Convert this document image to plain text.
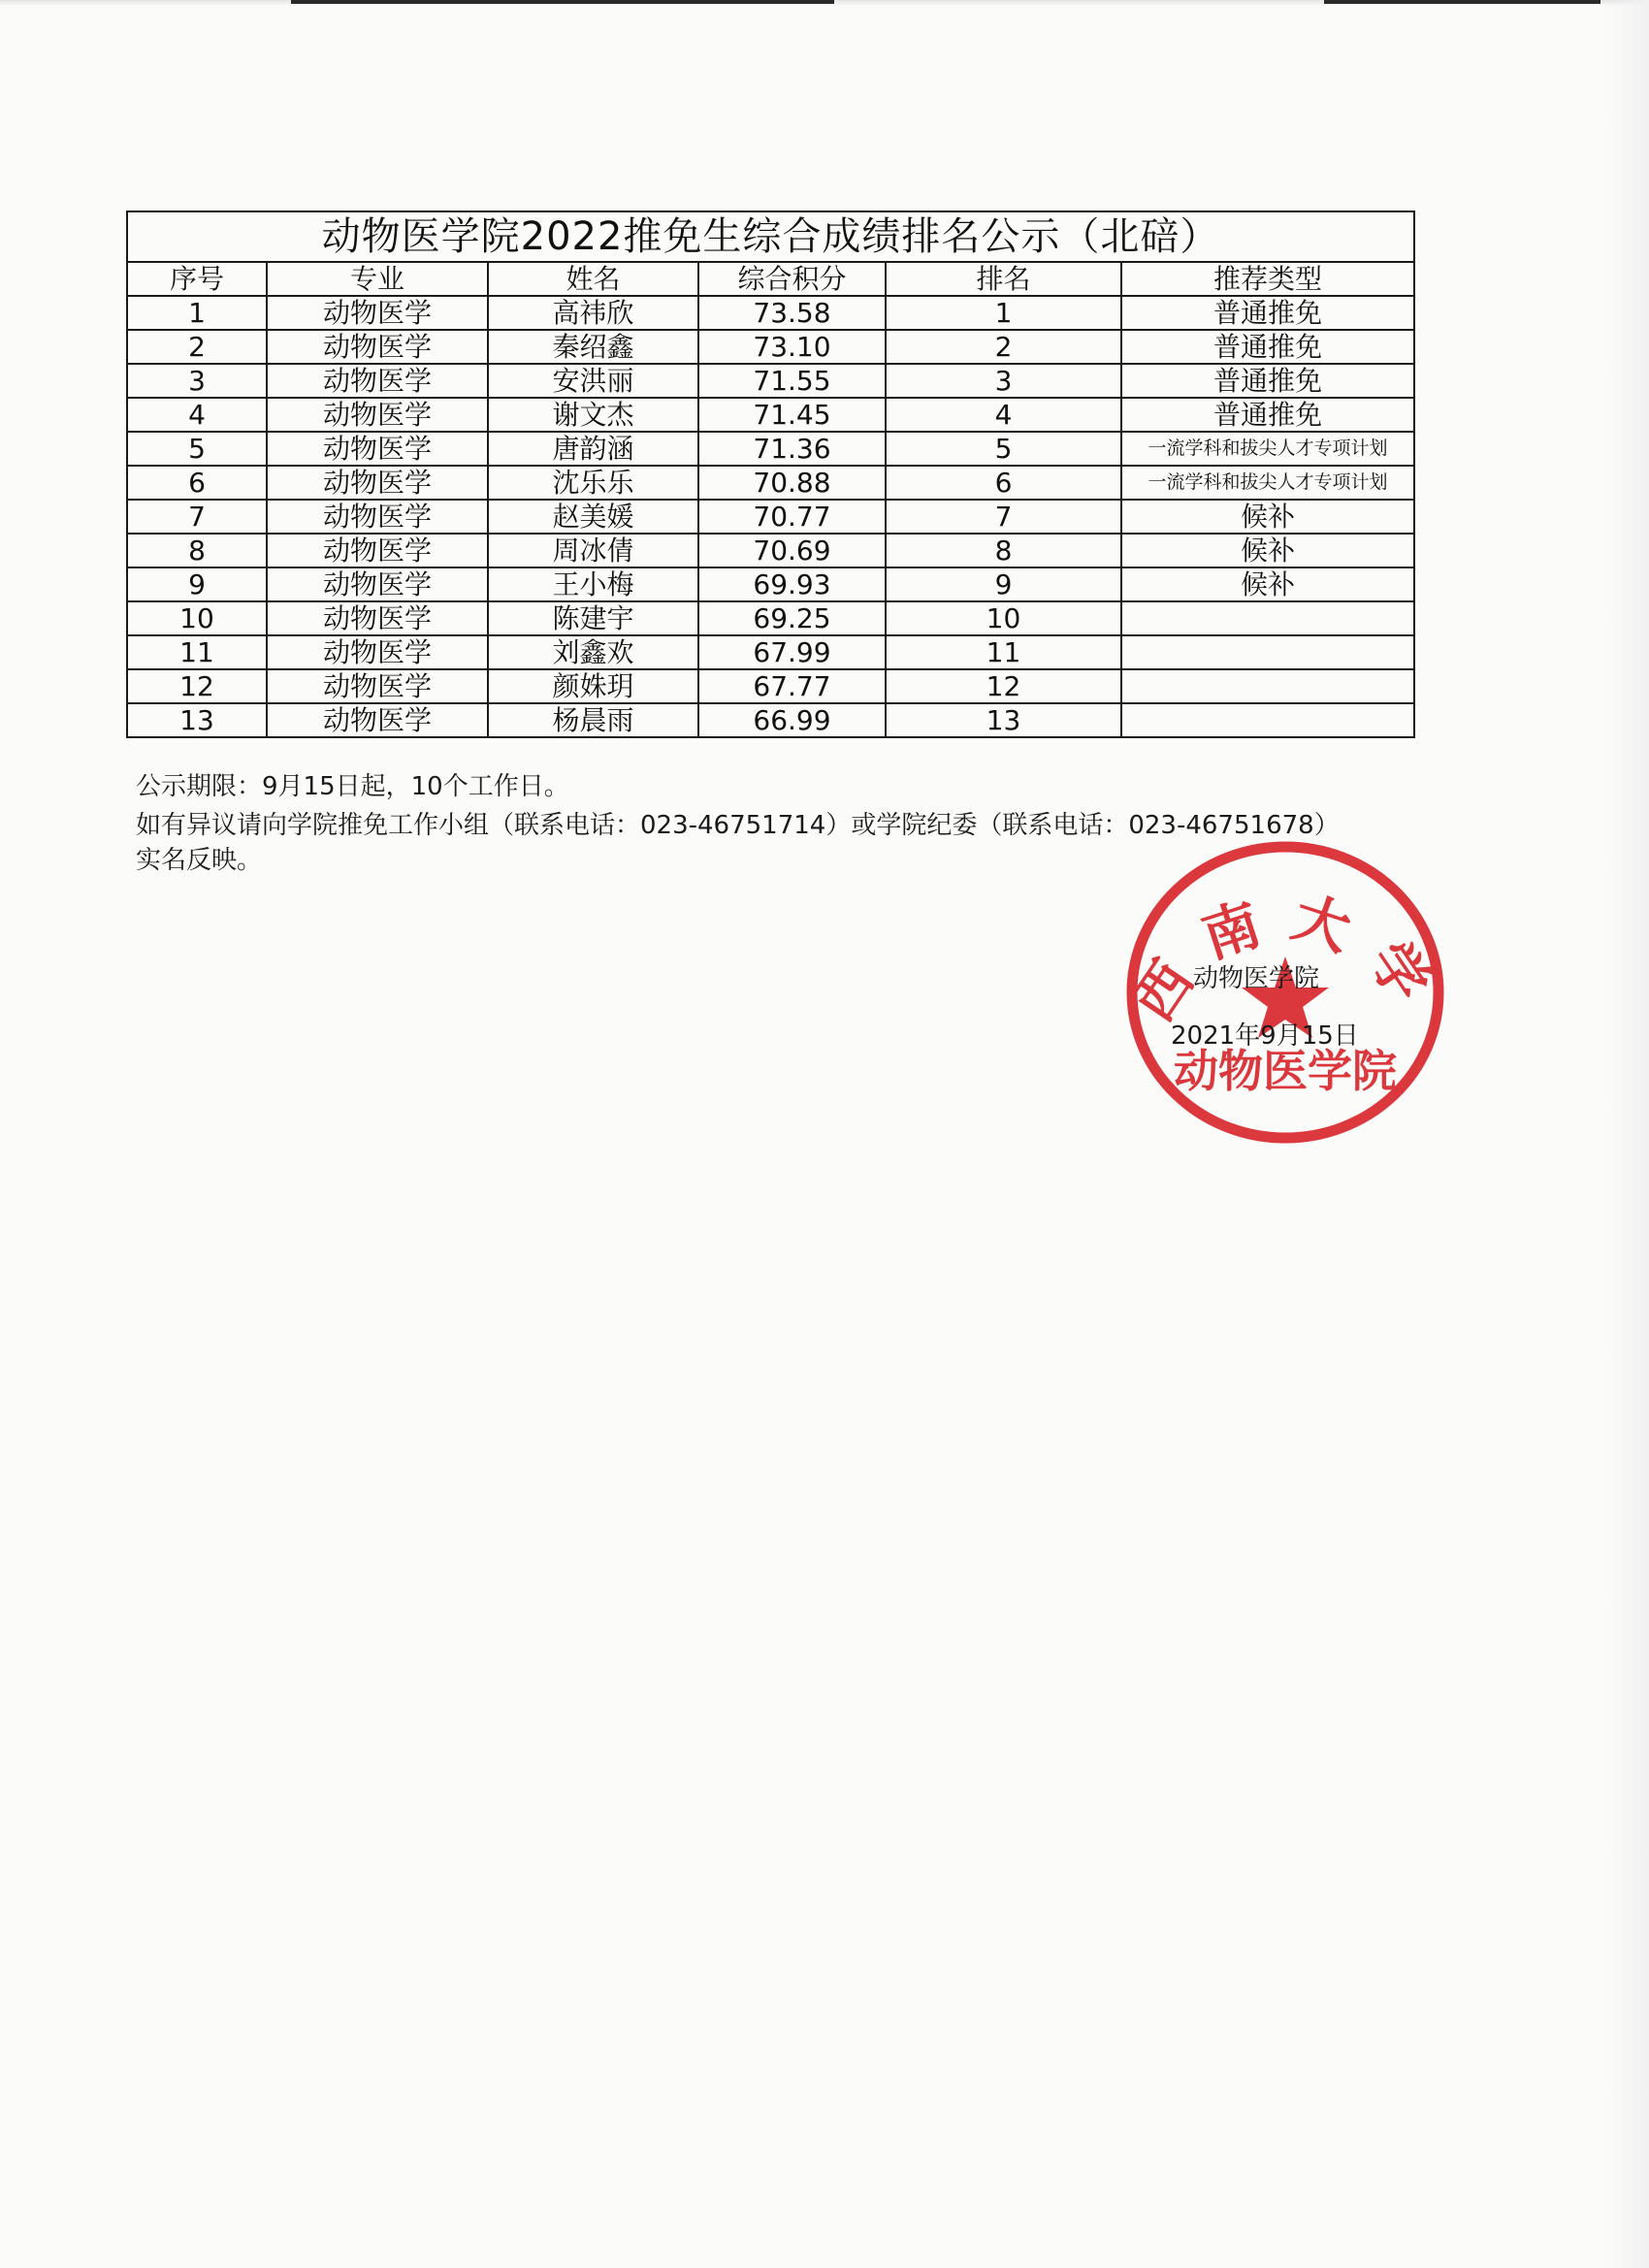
动物医学院2022推免生综合成绩排名公示（北碚）					
序号	专业	姓名	综合积分	排名	推荐类型
1	动物医学	高祎欣	73.58	1	普通推免
2	动物医学	秦绍鑫	73.10	2	普通推免
3	动物医学	安洪丽	71.55	3	普通推免
4	动物医学	谢文杰	71.45	4	普通推免
5	动物医学	唐韵涵	71.36	5	一流学科和拔尖人才专项计划
6	动物医学	沈乐乐	70.88	6	一流学科和拔尖人才专项计划
7	动物医学	赵美媛	70.77	7	候补
8	动物医学	周冰倩	70.69	8	候补
9	动物医学	王小梅	69.93	9	候补
10	动物医学	陈建宇	69.25	10	
11	动物医学	刘鑫欢	67.99	11	
12	动物医学	颜姝玥	67.77	12	
13	动物医学	杨晨雨	66.99	13	
公示期限：9月15日起，10个工作日。
如有异议请向学院推免工作小组（联系电话：023-46751714）或学院纪委（联系电话：023-46751678）实名反映。
西南大学
动物医学院
动物医学院
2021年9月15日
